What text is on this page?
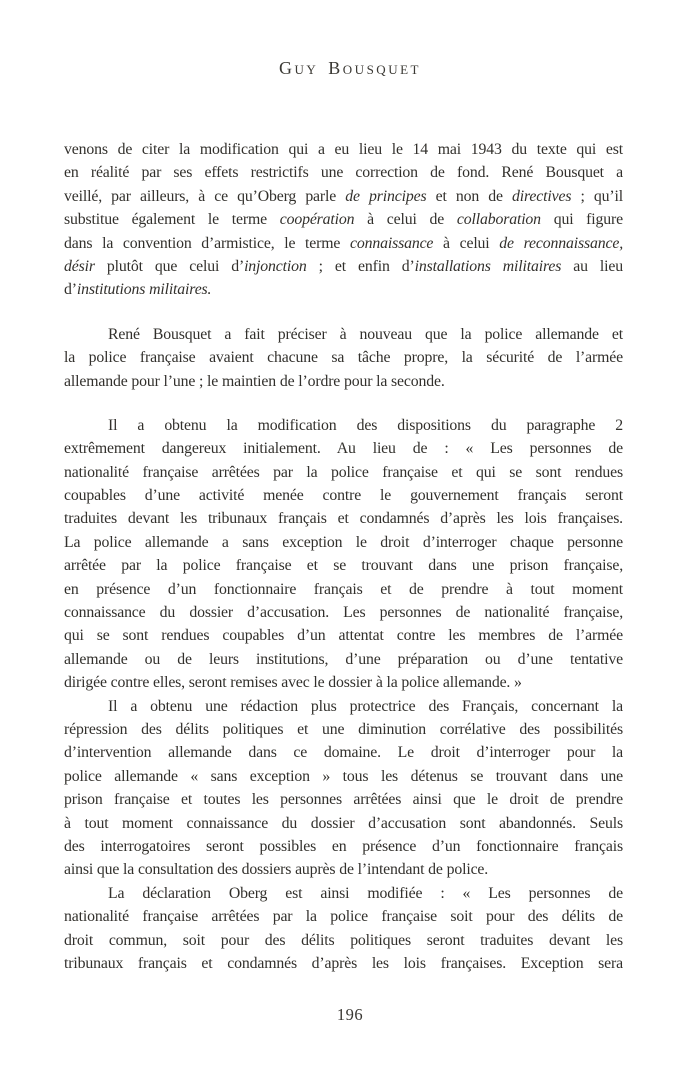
Guy Bousquet
venons de citer la modification qui a eu lieu le 14 mai 1943 du texte qui est
en réalité par ses effets restrictifs une correction de fond. René Bousquet a
veillé, par ailleurs, à ce qu’Oberg parle de principes et non de directives ; qu’il
substitue également le terme coopération à celui de collaboration qui figure
dans la convention d’armistice, le terme connaissance à celui de reconnaissance,
désir plutôt que celui d’injonction ; et enfin d’installations militaires au lieu
d’institutions militaires.
René Bousquet a fait préciser à nouveau que la police allemande et
la police française avaient chacune sa tâche propre, la sécurité de l’armée
allemande pour l’une ; le maintien de l’ordre pour la seconde.
Il a obtenu la modification des dispositions du paragraphe 2
extrêmement dangereux initialement. Au lieu de : « Les personnes de
nationalité française arrêtées par la police française et qui se sont rendues
coupables d’une activité menée contre le gouvernement français seront
traduites devant les tribunaux français et condamnés d’après les lois françaises.
La police allemande a sans exception le droit d’interroger chaque personne
arrêtée par la police française et se trouvant dans une prison française,
en présence d’un fonctionnaire français et de prendre à tout moment
connaissance du dossier d’accusation. Les personnes de nationalité française,
qui se sont rendues coupables d’un attentat contre les membres de l’armée
allemande ou de leurs institutions, d’une préparation ou d’une tentative
dirigée contre elles, seront remises avec le dossier à la police allemande. »
Il a obtenu une rédaction plus protectrice des Français, concernant la
répression des délits politiques et une diminution corrélative des possibilités
d’intervention allemande dans ce domaine. Le droit d’interroger pour la
police allemande « sans exception » tous les détenus se trouvant dans une
prison française et toutes les personnes arrêtées ainsi que le droit de prendre
à tout moment connaissance du dossier d’accusation sont abandonnés. Seuls
des interrogatoires seront possibles en présence d’un fonctionnaire français
ainsi que la consultation des dossiers auprès de l’intendant de police.
La déclaration Oberg est ainsi modifiée : « Les personnes de
nationalité française arrêtées par la police française soit pour des délits de
droit commun, soit pour des délits politiques seront traduites devant les
tribunaux français et condamnés d’après les lois françaises. Exception sera
196
